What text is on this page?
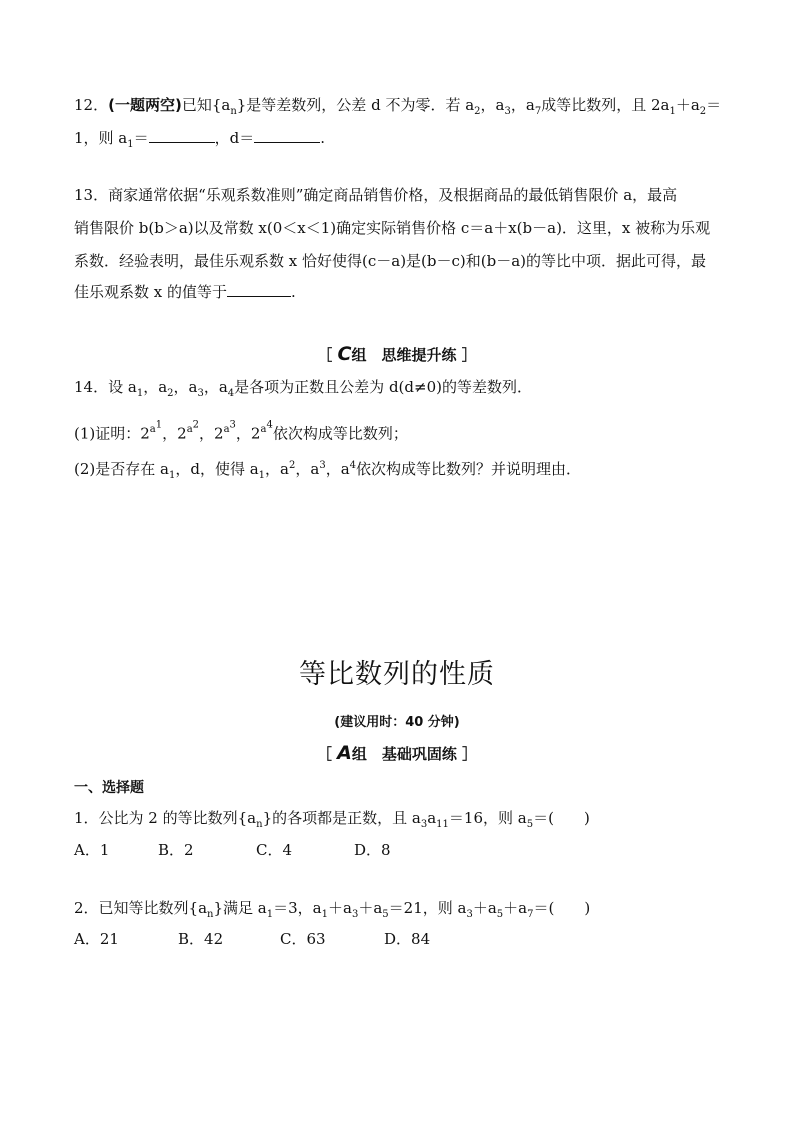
12．(一题两空)已知$\{a_n\}$是等差数列，公差 d 不为零．若 $a_2$，$a_3$，$a_7$成等比数列，且 $2a_1+a_2=$
1，则 $a_1=$	，d＝	.
13．商家通常依据“乐观系数准则”确定商品销售价格，及根据商品的最低销售限价 a，最高
销售限价 b(b＞a)以及常数 x(0＜x＜1)确定实际销售价格 c＝a＋x(b－a)．这里，x 被称为乐观
系数．经验表明，最佳乐观系数 x 恰好使得(c－a)是(b－c)和(b－a)的等比中项．据此可得，最
佳乐观系数 x 的值等于	.
［ C组　思维提升练 ］
14．设 $a_1$，$a_2$，$a_3$，$a_4$是各项为正数且公差为 d(d≠0)的等差数列．
(1)证明：$2^{a^1}$，$2^{a^2}$，$2^{a^3}$，$2^{a^4}$依次构成等比数列；
(2)是否存在 $a_1$，d，使得 $a_1$，$a^2$，$a^3$，$a^4$依次构成等比数列？并说明理由．
等比数列的性质
(建议用时：40 分钟)
［ A组　基础巩固练 ］
一、选择题
1．公比为 2 的等比数列$\{a_n\}$的各项都是正数，且 $a_3a_{11}=16$，则 $a_5=$(　　)
A．1	B．2	C．4	D．8
2．已知等比数列$\{a_n\}$满足 $a_1=3$，$a_1+a_3+a_5=21$，则 $a_3+a_5+a_7=$(　　)
A．21	B．42	C．63	D．84
